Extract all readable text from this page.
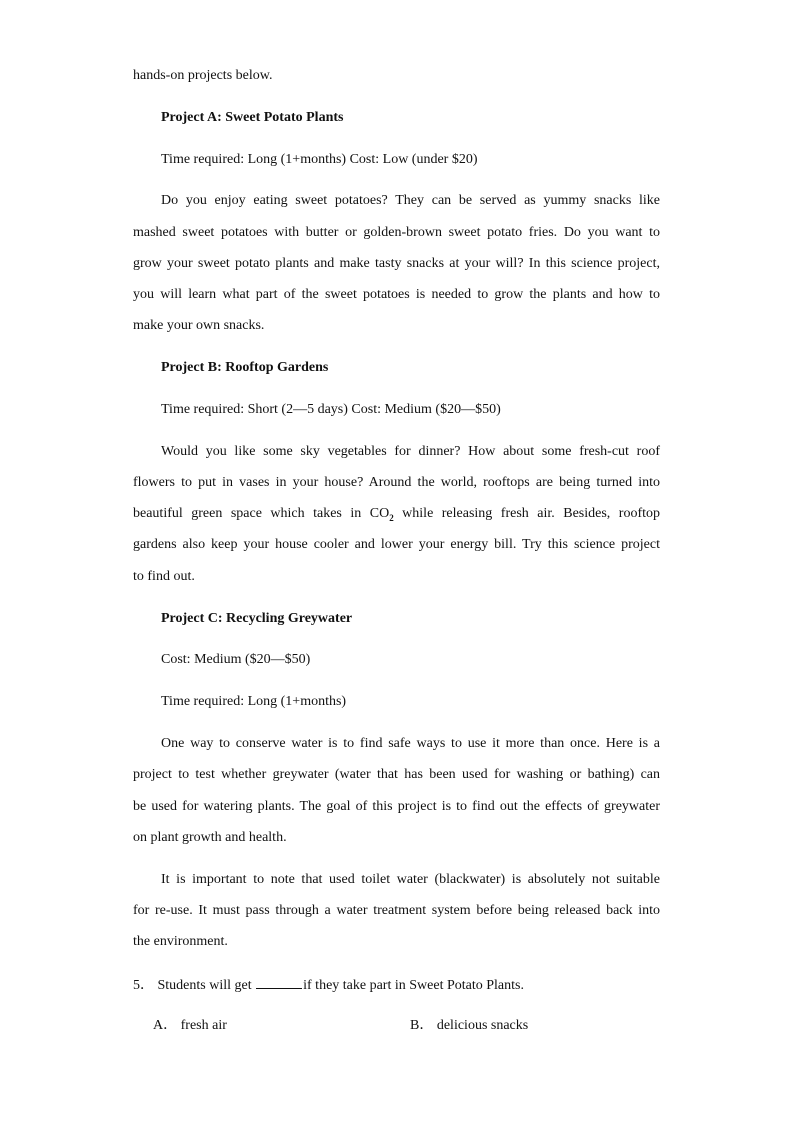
hands-on projects below.
Project A: Sweet Potato Plants
Time required: Long (1+months) Cost: Low (under $20)
Do you enjoy eating sweet potatoes? They can be served as yummy snacks like
mashed sweet potatoes with butter or golden-brown sweet potato fries. Do you want to
grow your sweet potato plants and make tasty snacks at your will? In this science project,
you will learn what part of the sweet potatoes is needed to grow the plants and how to
make your own snacks.
Project B: Rooftop Gardens
Time required: Short (2—5 days) Cost: Medium ($20—$50)
Would you like some sky vegetables for dinner? How about some fresh-cut roof
flowers to put in vases in your house? Around the world, rooftops are being turned into
beautiful green space which takes in $CO_2$ while releasing fresh air. Besides, rooftop
gardens also keep your house cooler and lower your energy bill. Try this science project
to find out.
Project C: Recycling Greywater
Cost: Medium ($20—$50)
Time required: Long (1+months)
One way to conserve water is to find safe ways to use it more than once. Here is a
project to test whether greywater (water that has been used for washing or bathing) can
be used for watering plants. The goal of this project is to find out the effects of greywater
on plant growth and health.
It is important to note that used toilet water (blackwater) is absolutely not suitable
for re-use. It must pass through a water treatment system before being released back into
the environment.
5． Students will get	if they take part in Sweet Potato Plants.
A． fresh air	B． delicious snacks
